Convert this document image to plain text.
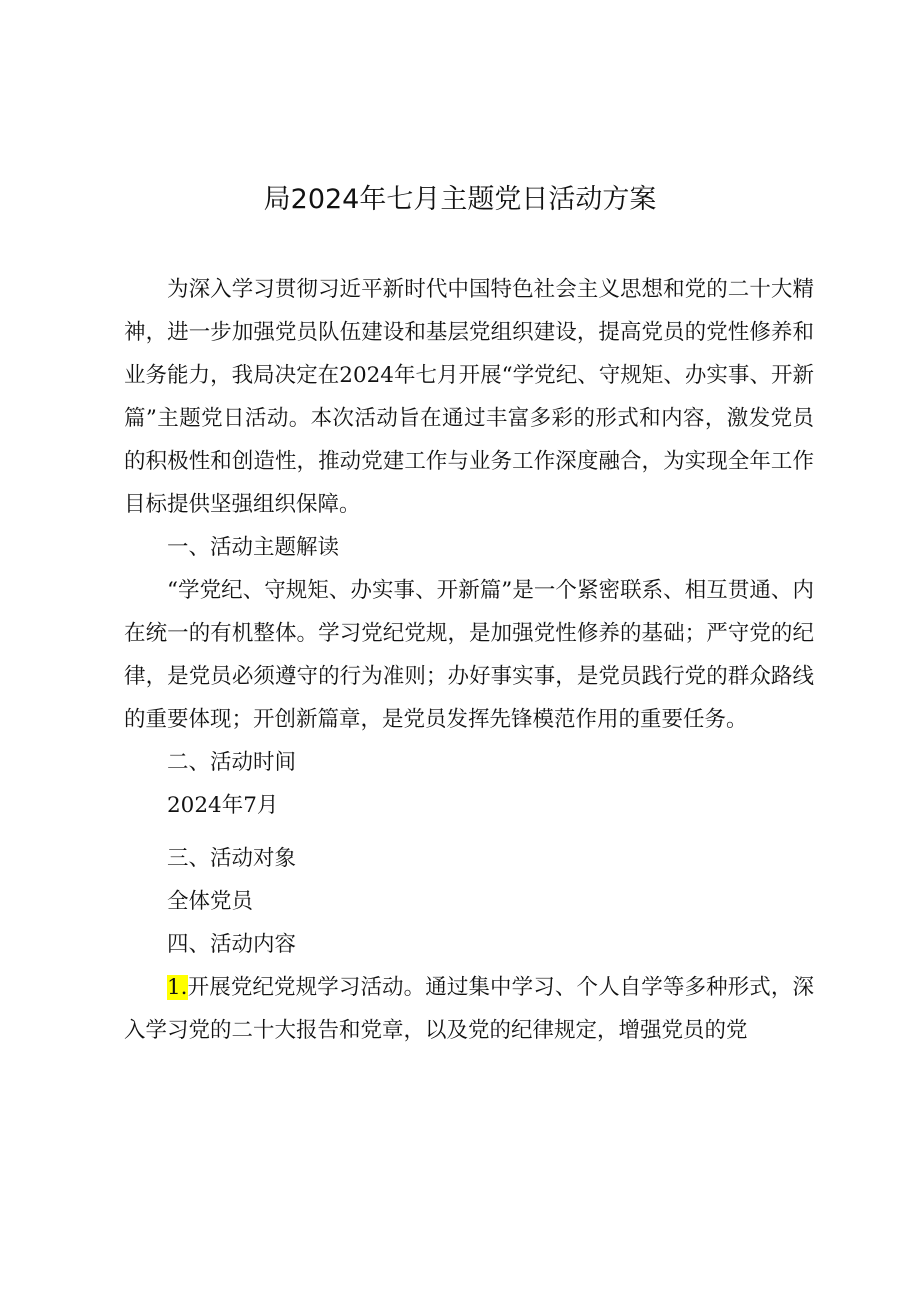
局2024年七月主题党日活动方案

为深入学习贯彻习近平新时代中国特色社会主义思想和党的二十大精神，进一步加强党员队伍建设和基层党组织建设，提高党员的党性修养和业务能力，我局决定在2024年七月开展“学党纪、守规矩、办实事、开新篇”主题党日活动。本次活动旨在通过丰富多彩的形式和内容，激发党员的积极性和创造性，推动党建工作与业务工作深度融合，为实现全年工作目标提供坚强组织保障。

一、活动主题解读

“学党纪、守规矩、办实事、开新篇”是一个紧密联系、相互贯通、内在统一的有机整体。学习党纪党规，是加强党性修养的基础；严守党的纪律，是党员必须遵守的行为准则；办好事实事，是党员践行党的群众路线的重要体现；开创新篇章，是党员发挥先锋模范作用的重要任务。

二、活动时间

2024年7月

三、活动对象

全体党员

四、活动内容

1.开展党纪党规学习活动。通过集中学习、个人自学等多种形式，深入学习党的二十大报告和党章，以及党的纪律规定，增强党员的党
